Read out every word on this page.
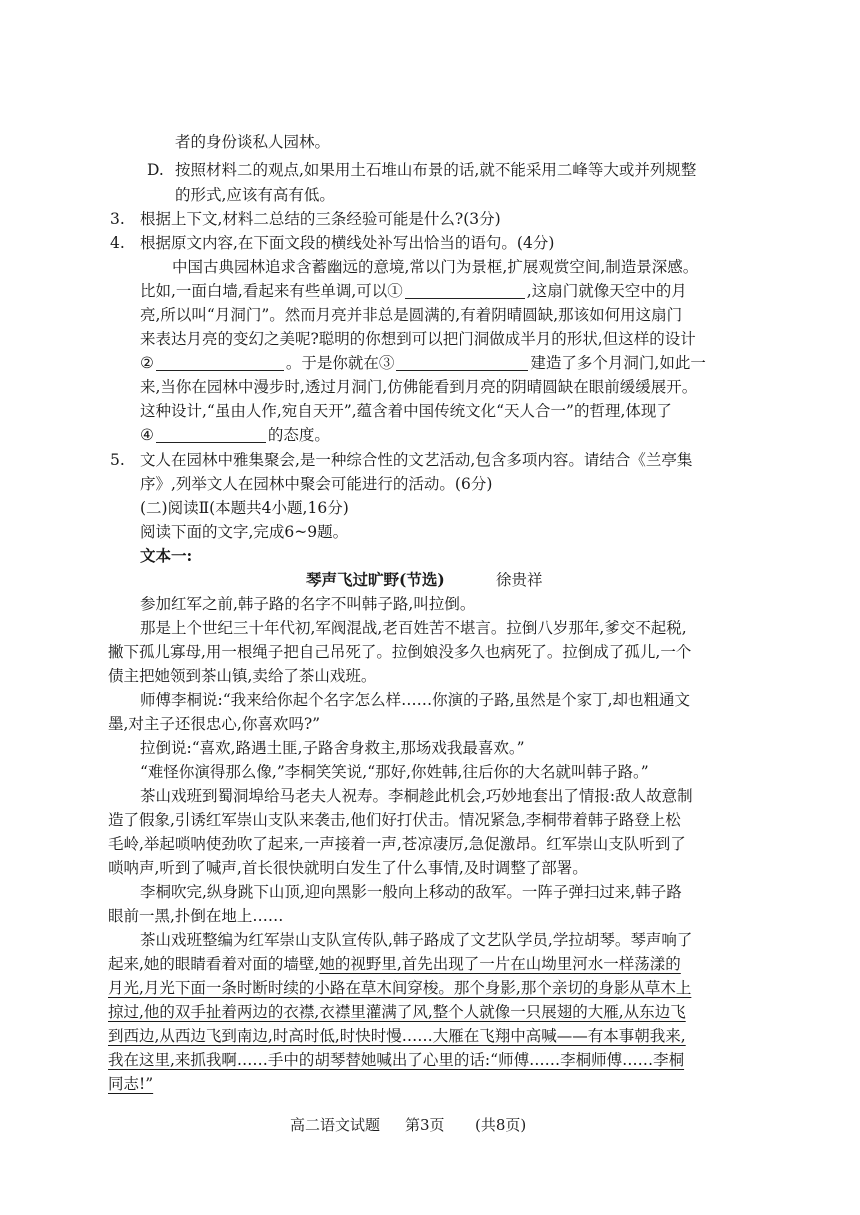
者的身份谈私人园林。
D. 按照材料二的观点,如果用土石堆山布景的话,就不能采用二峰等大或并列规整
的形式,应该有高有低。
3. 根据上下文,材料二总结的三条经验可能是什么?(3分)
4. 根据原文内容,在下面文段的横线处补写出恰当的语句。(4分)
中国古典园林追求含蓄幽远的意境,常以门为景框,扩展观赏空间,制造景深感。
比如,一面白墙,看起来有些单调,可以①	,这扇门就像天空中的月
亮,所以叫“月洞门”。然而月亮并非总是圆满的,有着阴晴圆缺,那该如何用这扇门
来表达月亮的变幻之美呢?聪明的你想到可以把门洞做成半月的形状,但这样的设计
②	。于是你就在③	建造了多个月洞门,如此一
来,当你在园林中漫步时,透过月洞门,仿佛能看到月亮的阴晴圆缺在眼前缓缓展开。
这种设计,“虽由人作,宛自天开”,蕴含着中国传统文化“天人合一”的哲理,体现了
④	的态度。
5. 文人在园林中雅集聚会,是一种综合性的文艺活动,包含多项内容。请结合《兰亭集
序》,列举文人在园林中聚会可能进行的活动。(6分)
(二)阅读Ⅱ(本题共4小题,16分)
阅读下面的文字,完成6~9题。
文本一:
琴声飞过旷野(节选)	徐贵祥
参加红军之前,韩子路的名字不叫韩子路,叫拉倒。
那是上个世纪三十年代初,军阀混战,老百姓苦不堪言。拉倒八岁那年,爹交不起税,
撇下孤儿寡母,用一根绳子把自己吊死了。拉倒娘没多久也病死了。拉倒成了孤儿,一个
债主把她领到茶山镇,卖给了茶山戏班。
师傅李桐说:“我来给你起个名字怎么样……你演的子路,虽然是个家丁,却也粗通文
墨,对主子还很忠心,你喜欢吗?”
拉倒说:“喜欢,路遇土匪,子路舍身救主,那场戏我最喜欢。”
“难怪你演得那么像,”李桐笑笑说,“那好,你姓韩,往后你的大名就叫韩子路。”
茶山戏班到蜀洞埠给马老夫人祝寿。李桐趁此机会,巧妙地套出了情报:敌人故意制
造了假象,引诱红军崇山支队来袭击,他们好打伏击。情况紧急,李桐带着韩子路登上松
毛岭,举起唢呐使劲吹了起来,一声接着一声,苍凉凄厉,急促激昂。红军崇山支队听到了
唢呐声,听到了喊声,首长很快就明白发生了什么事情,及时调整了部署。
李桐吹完,纵身跳下山顶,迎向黑影一般向上移动的敌军。一阵子弹扫过来,韩子路
眼前一黑,扑倒在地上……
茶山戏班整编为红军崇山支队宣传队,韩子路成了文艺队学员,学拉胡琴。琴声响了
起来,她的眼睛看着对面的墙壁,她的视野里,首先出现了一片在山坳里河水一样荡漾的
月光,月光下面一条时断时续的小路在草木间穿梭。那个身影,那个亲切的身影从草木上
掠过,他的双手扯着两边的衣襟,衣襟里灌满了风,整个人就像一只展翅的大雁,从东边飞
到西边,从西边飞到南边,时高时低,时快时慢……大雁在飞翔中高喊——有本事朝我来,
我在这里,来抓我啊……手中的胡琴替她喊出了心里的话:“师傅……李桐师傅……李桐
同志!”
高二语文试题 第3页 (共8页)
